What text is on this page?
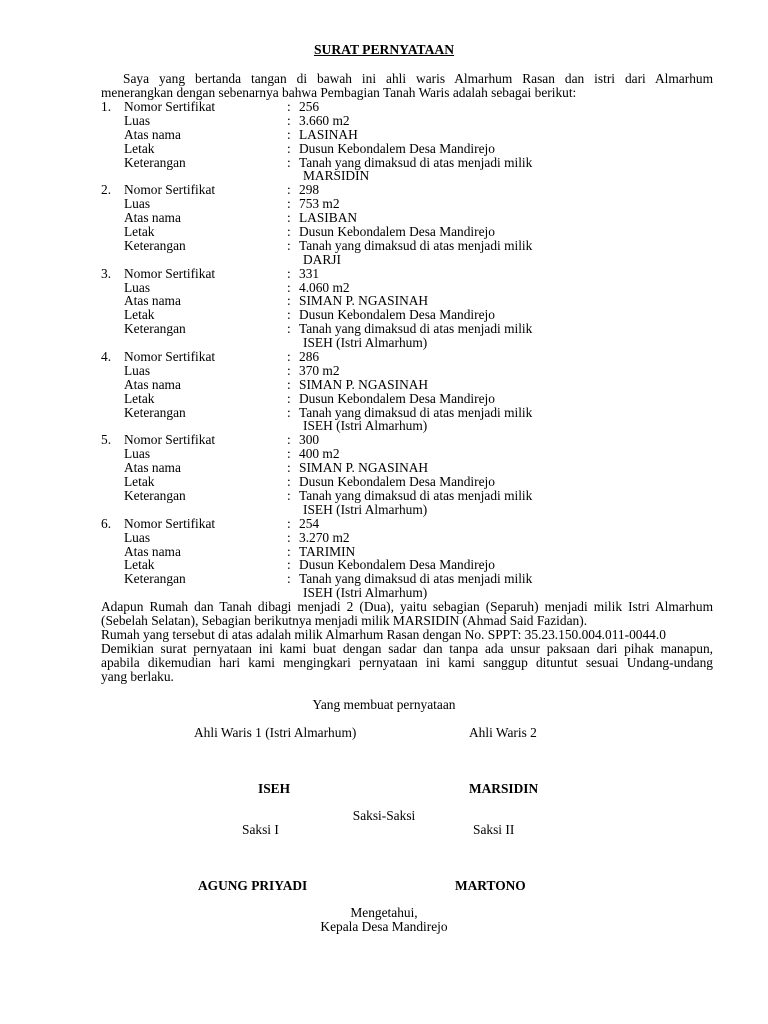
SURAT PERNYATAAN
Saya yang bertanda tangan di bawah ini ahli waris Almarhum Rasan dan istri dari Almarhum
menerangkan dengan sebenarnya bahwa Pembagian Tanah Waris adalah sebagai berikut:
1. Nomor Sertifikat	: 256
Luas	: 3.660 m2
Atas nama	: LASINAH
Letak	: Dusun Kebondalem Desa Mandirejo
Keterangan	: Tanah yang dimaksud di atas menjadi milik
MARSIDIN
2. Nomor Sertifikat	: 298
Luas	: 753 m2
Atas nama	: LASIBAN
Letak	: Dusun Kebondalem Desa Mandirejo
Keterangan	: Tanah yang dimaksud di atas menjadi milik
DARJI
3. Nomor Sertifikat	: 331
Luas	: 4.060 m2
Atas nama	: SIMAN P. NGASINAH
Letak	: Dusun Kebondalem Desa Mandirejo
Keterangan	: Tanah yang dimaksud di atas menjadi milik
ISEH (Istri Almarhum)
4. Nomor Sertifikat	: 286
Luas	: 370 m2
Atas nama	: SIMAN P. NGASINAH
Letak	: Dusun Kebondalem Desa Mandirejo
Keterangan	: Tanah yang dimaksud di atas menjadi milik
ISEH (Istri Almarhum)
5. Nomor Sertifikat	: 300
Luas	: 400 m2
Atas nama	: SIMAN P. NGASINAH
Letak	: Dusun Kebondalem Desa Mandirejo
Keterangan	: Tanah yang dimaksud di atas menjadi milik
ISEH (Istri Almarhum)
6. Nomor Sertifikat	: 254
Luas	: 3.270 m2
Atas nama	: TARIMIN
Letak	: Dusun Kebondalem Desa Mandirejo
Keterangan	: Tanah yang dimaksud di atas menjadi milik
ISEH (Istri Almarhum)
Adapun Rumah dan Tanah dibagi menjadi 2 (Dua), yaitu sebagian (Separuh) menjadi milik Istri Almarhum
(Sebelah Selatan), Sebagian berikutnya menjadi milik MARSIDIN (Ahmad Said Fazidan).
Rumah yang tersebut di atas adalah milik Almarhum Rasan dengan No. SPPT: 35.23.150.004.011-0044.0
Demikian surat pernyataan ini kami buat dengan sadar dan tanpa ada unsur paksaan dari pihak manapun,
apabila dikemudian hari kami mengingkari pernyataan ini kami sanggup dituntut sesuai Undang-undang
yang berlaku.
Yang membuat pernyataan
Ahli Waris 1 (Istri Almarhum)	Ahli Waris 2
ISEH	MARSIDIN
Saksi-Saksi
Saksi I	Saksi II
AGUNG PRIYADI	MARTONO
Mengetahui,
Kepala Desa Mandirejo
